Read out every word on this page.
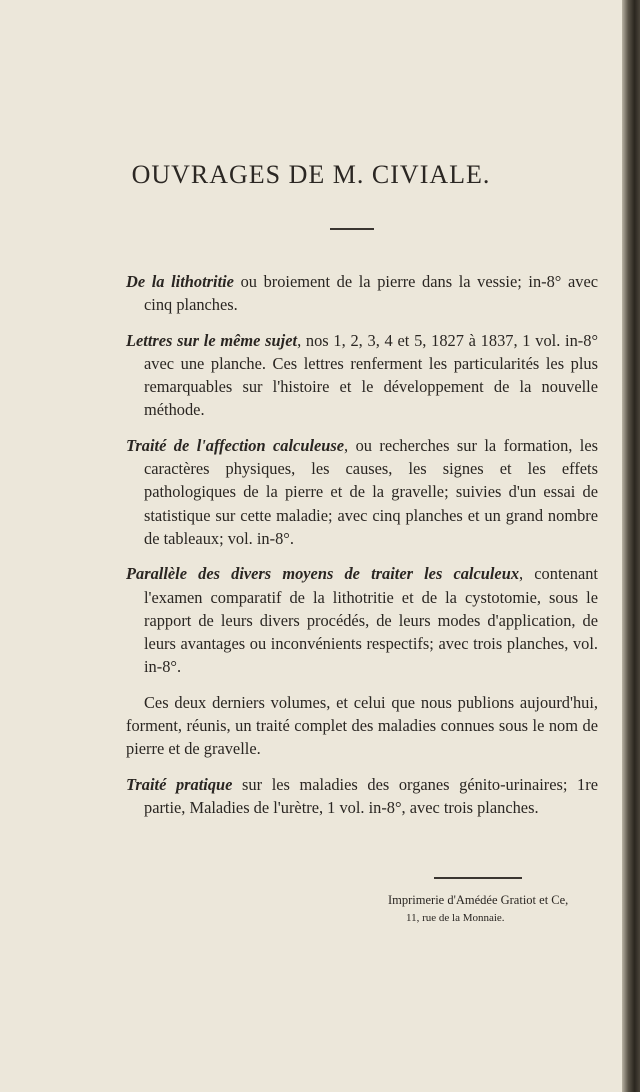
OUVRAGES DE M. CIVIALE.

De la lithotritie ou broiement de la pierre dans la vessie; in-8° avec cinq planches.

Lettres sur le même sujet, nos 1, 2, 3, 4 et 5, 1827 à 1837, 1 vol. in-8° avec une planche. Ces lettres renferment les particularités les plus remarquables sur l'histoire et le développement de la nouvelle méthode.

Traité de l'affection calculeuse, ou recherches sur la formation, les caractères physiques, les causes, les signes et les effets pathologiques de la pierre et de la gravelle; suivies d'un essai de statistique sur cette maladie; avec cinq planches et un grand nombre de tableaux; vol. in-8°.

Parallèle des divers moyens de traiter les calculeux, contenant l'examen comparatif de la lithotritie et de la cystotomie, sous le rapport de leurs divers procédés, de leurs modes d'application, de leurs avantages ou inconvénients respectifs; avec trois planches, vol. in-8°.

Ces deux derniers volumes, et celui que nous publions aujourd'hui, forment, réunis, un traité complet des maladies connues sous le nom de pierre et de gravelle.

Traité pratique sur les maladies des organes génito-urinaires; 1re partie, Maladies de l'urètre, 1 vol. in-8°, avec trois planches.

Imprimerie d'Amédée Gratiot et Ce,
11, rue de la Monnaie.
